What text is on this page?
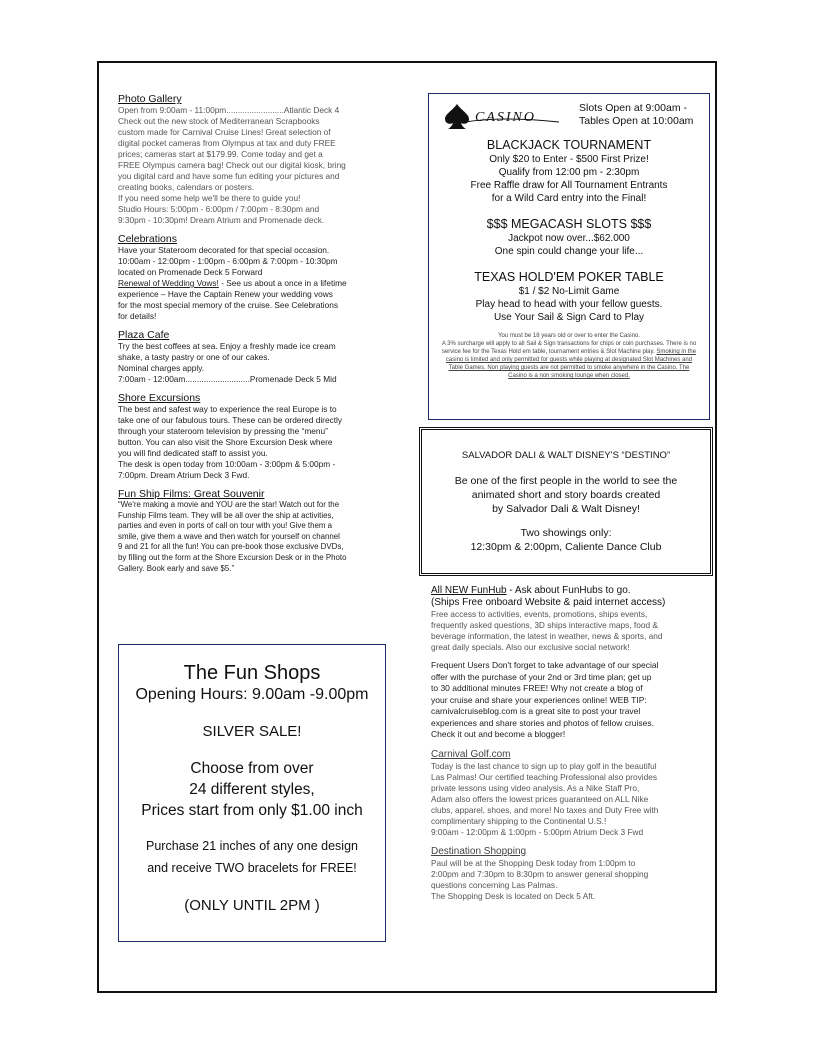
Photo Gallery
Open from 9:00am - 11:00pm.........................Atlantic Deck 4
Check out the new stock of Mediterranean Scrapbooks
custom made for Carnival Cruise Lines! Great selection of
digital pocket cameras from Olympus at tax and duty FREE
prices; cameras start at $179.99. Come today and get a
FREE Olympus camera bag! Check out our digital kiosk, bring
you digital card and have some fun editing your pictures and
creating books, calendars or posters.
If you need some help we'll be there to guide you!
Studio Hours: 5:00pm - 6:00pm / 7:00pm - 8:30pm and
9:30pm - 10:30pm! Dream Atrium and Promenade deck.
Celebrations
Have your Stateroom decorated for that special occasion.
10:00am - 12:00pm - 1:00pm - 6:00pm & 7:00pm - 10:30pm
located on Promenade Deck 5 Forward
Renewal of Wedding Vows! - See us about a once in a lifetime
experience – Have the Captain Renew your wedding vows
for the most special memory of the cruise. See Celebrations
for details!
Plaza Cafe
Try the best coffees at sea. Enjoy a freshly made ice cream
shake, a tasty pastry or one of our cakes.
Nominal charges apply.
7:00am - 12:00am............................Promenade Deck 5 Mid
Shore Excursions
The best and safest way to experience the real Europe is to
take one of our fabulous tours. These can be ordered directly
through your stateroom television by pressing the “menu”
button. You can also visit the Shore Excursion Desk where
you will find dedicated staff to assist you.
The desk is open today from 10:00am - 3:00pm & 5:00pm -
7:00pm. Dream Atrium Deck 3 Fwd.
Fun Ship Films: Great Souvenir
“We're making a movie and YOU are the star! Watch out for the
Funship Films team. They will be all over the ship at activities,
parties and even in ports of call on tour with you! Give them a
smile, give them a wave and then watch for yourself on channel
9 and 21 for all the fun! You can pre-book those exclusive DVDs,
by filling out the form at the Shore Excursion Desk or in the Photo
Gallery. Book early and save $5.”
The Fun Shops
Opening Hours: 9.00am -9.00pm
SILVER SALE!
Choose from over
24 different styles,
Prices start from only $1.00 inch
Purchase 21 inches of any one design
and receive TWO bracelets for FREE!
(ONLY UNTIL 2PM )
CASINO
Slots Open at 9:00am -
Tables Open at 10:00am
BLACKJACK TOURNAMENT
Only $20 to Enter - $500 First Prize!
Qualify from 12:00 pm - 2:30pm
Free Raffle draw for All Tournament Entrants
for a Wild Card entry into the Final!
$$$ MEGACASH SLOTS $$$
Jackpot now over...$62.000
One spin could change your life...
TEXAS HOLD'EM POKER TABLE
$1 / $2 No-Limit Game
Play head to head with your fellow guests.
Use Your Sail & Sign Card to Play
You must be 18 years old or over to enter the Casino.
A 3% surcharge will apply to all Sail & Sign transactions for chips or coin purchases. There is no service fee for the Texas Hold em table, tournament entries & Slot Machine play. Smoking in the casino is limited and only permitted for guests while playing at designated Slot Machines and Table Games. Non playing guests are not permitted to smoke anywhere in the Casino. The Casino is a non smoking lounge when closed.
SALVADOR DALI & WALT DISNEY'S “DESTINO”
Be one of the first people in the world to see the
animated short and story boards created
by Salvador Dali & Walt Disney!
Two showings only:
12:30pm & 2:00pm, Caliente Dance Club
All NEW FunHub - Ask about FunHubs to go.
(Ships Free onboard Website & paid internet access)
Free access to activities, events, promotions, ships events,
frequently asked questions, 3D ships interactive maps, food &
beverage information, the latest in weather, news & sports, and
great daily specials. Also our exclusive social network!
Frequent Users Don't forget to take advantage of our special
offer with the purchase of your 2nd or 3rd time plan; get up
to 30 additional minutes FREE! Why not create a blog of
your cruise and share your experiences online! WEB TIP:
carnivalcruiseblog.com is a great site to post your travel
experiences and share stories and photos of fellow cruises.
Check it out and become a blogger!
Carnival Golf.com
Today is the last chance to sign up to play golf in the beautiful
Las Palmas! Our certified teaching Professional also provides
private lessons using video analysis. As a Nike Staff Pro,
Adam also offers the lowest prices guaranteed on ALL Nike
clubs, apparel, shoes, and more! No taxes and Duty Free with
complimentary shipping to the Continental U.S.!
9:00am - 12:00pm & 1:00pm - 5:00pm Atrium Deck 3 Fwd
Destination Shopping
Paul will be at the Shopping Desk today from 1:00pm to
2:00pm and 7:30pm to 8:30pm to answer general shopping
questions concerning Las Palmas.
The Shopping Desk is located on Deck 5 Aft.
